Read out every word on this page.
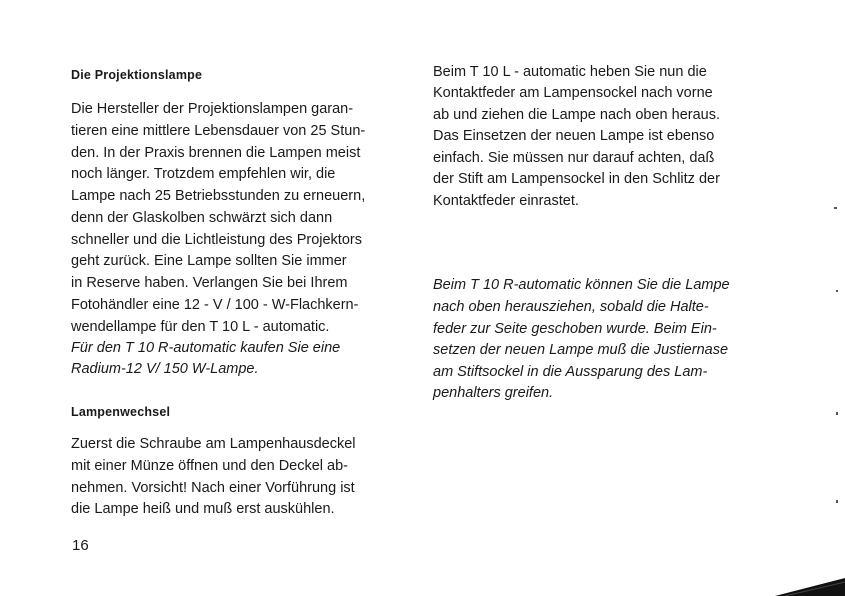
Die Projektionslampe
Die Hersteller der Projektionslampen garan-
tieren eine mittlere Lebensdauer von 25 Stun-
den. In der Praxis brennen die Lampen meist
noch länger. Trotzdem empfehlen wir, die
Lampe nach 25 Betriebsstunden zu erneuern,
denn der Glaskolben schwärzt sich dann
schneller und die Lichtleistung des Projektors
geht zurück. Eine Lampe sollten Sie immer
in Reserve haben. Verlangen Sie bei Ihrem
Fotohändler eine 12 - V / 100 - W-Flachkern-
wendellampe für den T 10 L - automatic.
Für den T 10 R-automatic kaufen Sie eine
Radium-12 V/ 150 W-Lampe.
Lampenwechsel
Zuerst die Schraube am Lampenhausdeckel
mit einer Münze öffnen und den Deckel ab-
nehmen. Vorsicht! Nach einer Vorführung ist
die Lampe heiß und muß erst auskühlen.
16
Beim T 10 L - automatic heben Sie nun die
Kontaktfeder am Lampensockel nach vorne
ab und ziehen die Lampe nach oben heraus.
Das Einsetzen der neuen Lampe ist ebenso
einfach. Sie müssen nur darauf achten, daß
der Stift am Lampensockel in den Schlitz der
Kontaktfeder einrastet.
Beim T 10 R-automatic können Sie die Lampe
nach oben herausziehen, sobald die Halte-
feder zur Seite geschoben wurde. Beim Ein-
setzen der neuen Lampe muß die Justiernase
am Stiftsockel in die Aussparung des Lam-
penhalters greifen.
